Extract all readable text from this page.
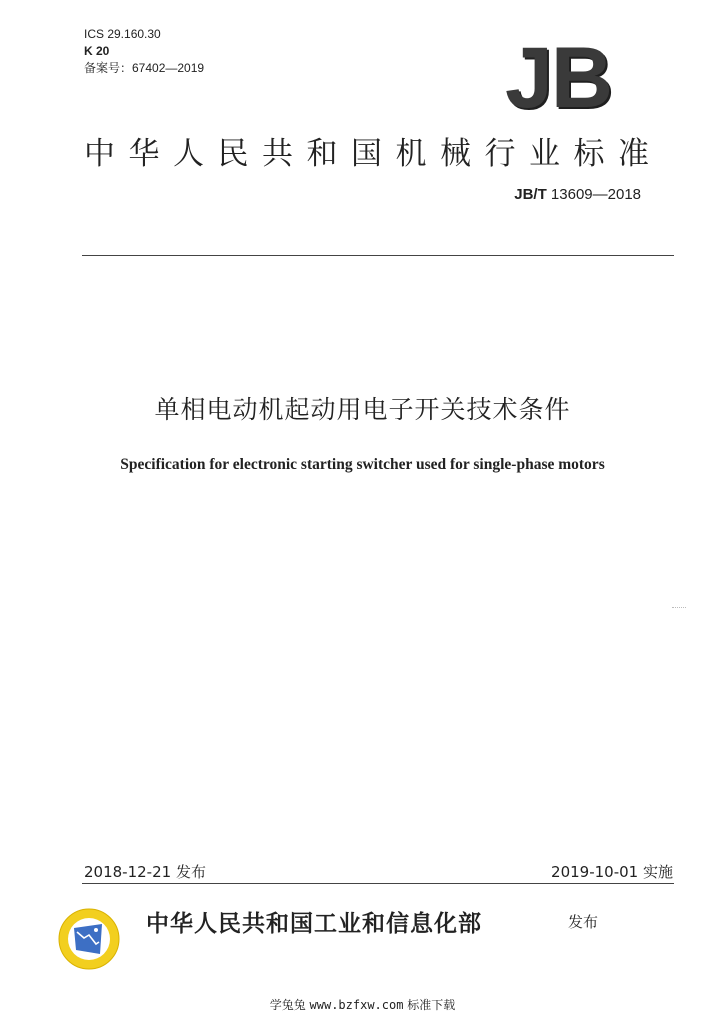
ICS 29.160.30
K 20
备案号：67402—2019	JB
中华人民共和国机械行业标准
JB/T 13609—2018
单相电动机起动用电子开关技术条件
Specification for electronic starting switcher used for single-phase motors
2018-12-21 发布	2019-10-01 实施
中华人民共和国工业和信息化部	发布
学兔兔 www.bzfxw.com 标准下载
